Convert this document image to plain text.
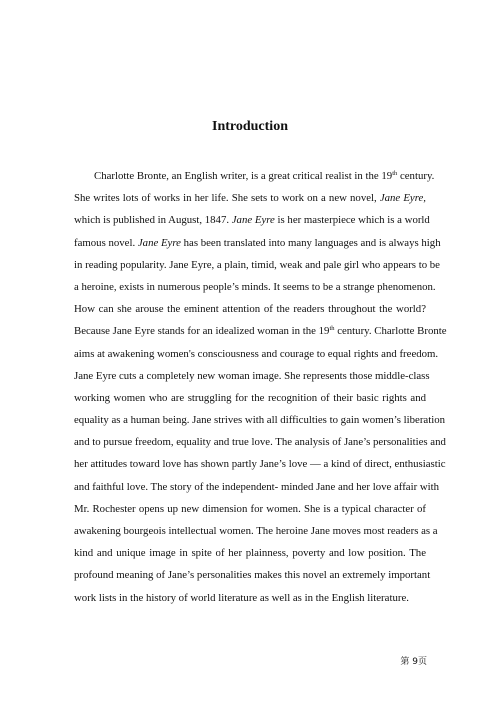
Introduction
Charlotte Bronte, an English writer, is a great critical realist in the 19th century.
She writes lots of works in her life. She sets to work on a new novel, Jane Eyre,
which is published in August, 1847. Jane Eyre is her masterpiece which is a world
famous novel. Jane Eyre has been translated into many languages and is always high
in reading popularity. Jane Eyre, a plain, timid, weak and pale girl who appears to be
a heroine, exists in numerous people’s minds. It seems to be a strange phenomenon.
How can she arouse the eminent attention of the readers throughout the world?
Because Jane Eyre stands for an idealized woman in the 19th century. Charlotte Bronte
aims at awakening women's consciousness and courage to equal rights and freedom.
Jane Eyre cuts a completely new woman image. She represents those middle-class
working women who are struggling for the recognition of their basic rights and
equality as a human being. Jane strives with all difficulties to gain women’s liberation
and to pursue freedom, equality and true love. The analysis of Jane’s personalities and
her attitudes toward love has shown partly Jane’s love — a kind of direct, enthusiastic
and faithful love. The story of the independent- minded Jane and her love affair with
Mr. Rochester opens up new dimension for women. She is a typical character of
awakening bourgeois intellectual women. The heroine Jane moves most readers as a
kind and unique image in spite of her plainness, poverty and low position. The
profound meaning of Jane’s personalities makes this novel an extremely important
work lists in the history of world literature as well as in the English literature.

第 9页
